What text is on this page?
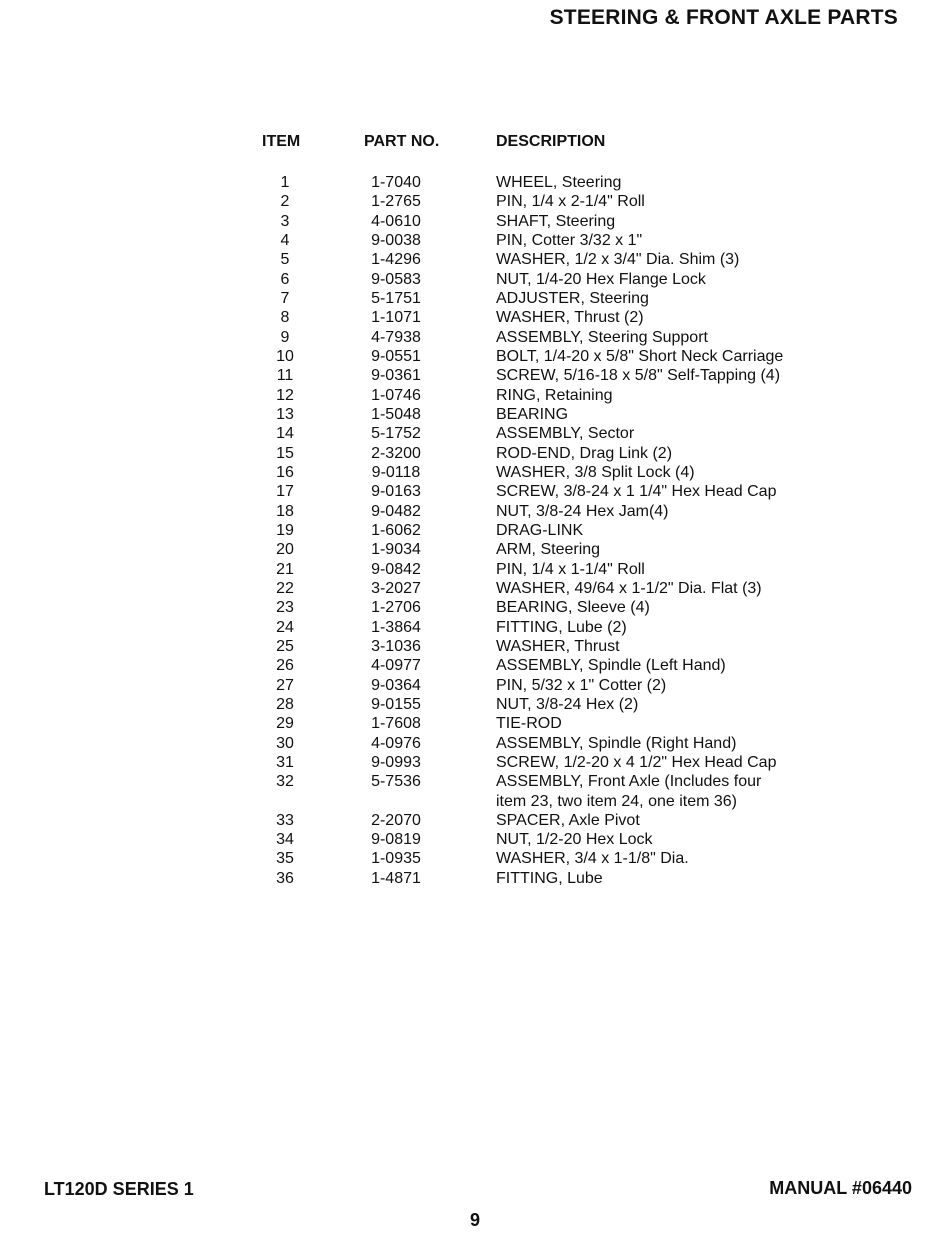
STEERING & FRONT AXLE PARTS
ITEM	PART NO.	DESCRIPTION
1	1-7040	WHEEL, Steering
2	1-2765	PIN, 1/4 x 2-1/4" Roll
3	4-0610	SHAFT, Steering
4	9-0038	PIN, Cotter 3/32 x 1"
5	1-4296	WASHER, 1/2 x 3/4" Dia. Shim (3)
6	9-0583	NUT, 1/4-20 Hex Flange Lock
7	5-1751	ADJUSTER, Steering
8	1-1071	WASHER, Thrust (2)
9	4-7938	ASSEMBLY, Steering Support
10	9-0551	BOLT, 1/4-20 x 5/8" Short Neck Carriage
11	9-0361	SCREW, 5/16-18 x 5/8" Self-Tapping (4)
12	1-0746	RING, Retaining
13	1-5048	BEARING
14	5-1752	ASSEMBLY, Sector
15	2-3200	ROD-END, Drag Link (2)
16	9-0118	WASHER, 3/8 Split Lock (4)
17	9-0163	SCREW, 3/8-24 x 1 1/4" Hex Head Cap
18	9-0482	NUT, 3/8-24 Hex Jam(4)
19	1-6062	DRAG-LINK
20	1-9034	ARM, Steering
21	9-0842	PIN, 1/4 x 1-1/4" Roll
22	3-2027	WASHER, 49/64 x 1-1/2" Dia. Flat (3)
23	1-2706	BEARING, Sleeve (4)
24	1-3864	FITTING, Lube (2)
25	3-1036	WASHER, Thrust
26	4-0977	ASSEMBLY, Spindle (Left Hand)
27	9-0364	PIN, 5/32 x 1" Cotter (2)
28	9-0155	NUT, 3/8-24 Hex (2)
29	1-7608	TIE-ROD
30	4-0976	ASSEMBLY, Spindle (Right Hand)
31	9-0993	SCREW, 1/2-20 x 4 1/2" Hex Head Cap
32	5-7536	ASSEMBLY, Front Axle (Includes four
item 23, two item 24, one item 36)
33	2-2070	SPACER, Axle Pivot
34	9-0819	NUT, 1/2-20 Hex Lock
35	1-0935	WASHER, 3/4 x 1-1/8" Dia.
36	1-4871	FITTING, Lube
LT120D SERIES 1	MANUAL #06440
9
